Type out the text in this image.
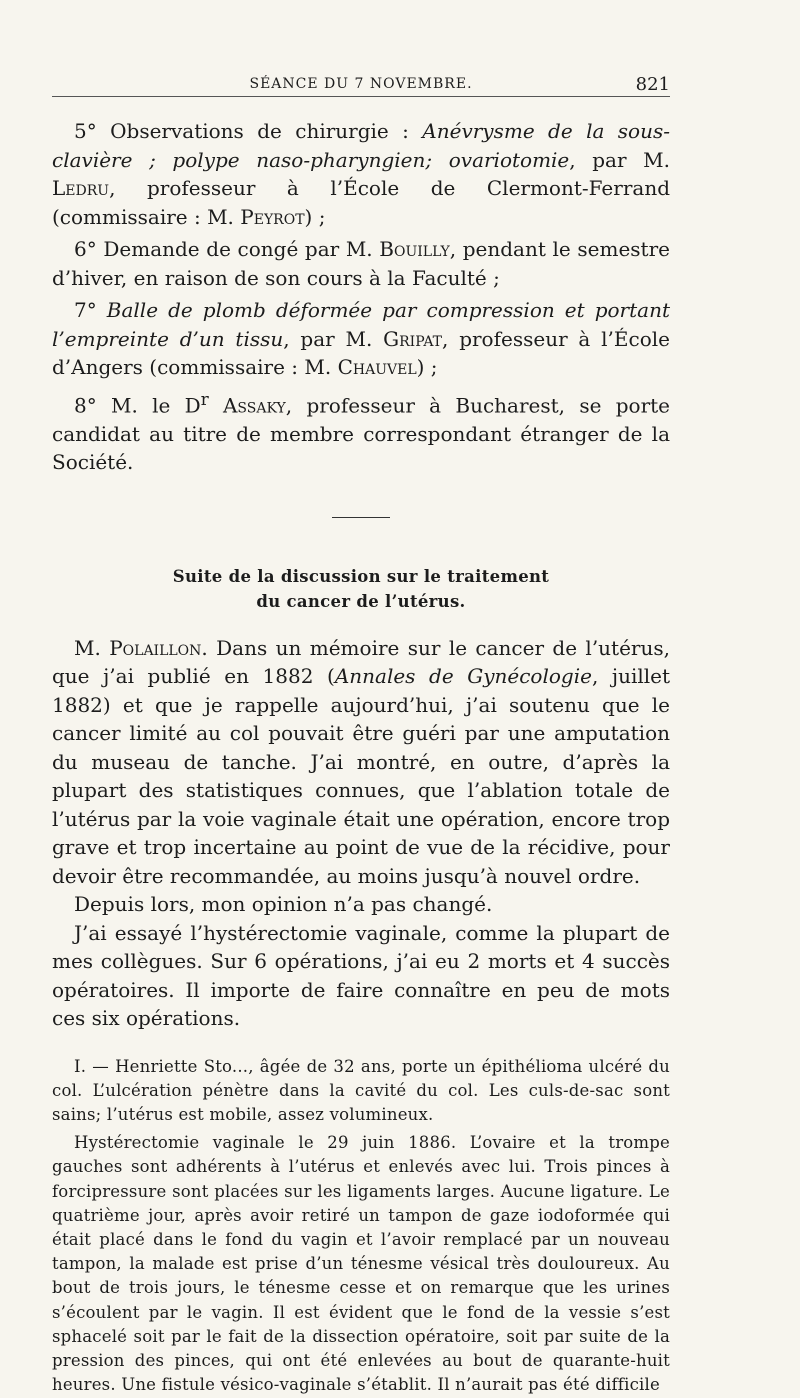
SÉANCE DU 7 NOVEMBRE.	821

5° Observations de chirurgie : Anévrysme de la sous-clavière ; polype naso-pharyngien; ovariotomie, par M. Ledru, professeur à l’École de Clermont-Ferrand (commissaire : M. Peyrot) ;

6° Demande de congé par M. Bouilly, pendant le semestre d’hiver, en raison de son cours à la Faculté ;

7° Balle de plomb déformée par compression et portant l’empreinte d’un tissu, par M. Gripat, professeur à l’École d’Angers (commissaire : M. Chauvel) ;

8° M. le $D^r$ Assaky, professeur à Bucharest, se porte candidat au titre de membre correspondant étranger de la Société.

Suite de la discussion sur le traitement
du cancer de l’utérus.

M. Polaillon. Dans un mémoire sur le cancer de l’utérus, que j’ai publié en 1882 (Annales de Gynécologie, juillet 1882) et que je rappelle aujourd’hui, j’ai soutenu que le cancer limité au col pouvait être guéri par une amputation du museau de tanche. J’ai montré, en outre, d’après la plupart des statistiques connues, que l’ablation totale de l’utérus par la voie vaginale était une opération, encore trop grave et trop incertaine au point de vue de la récidive, pour devoir être recommandée, au moins jusqu’à nouvel ordre.

Depuis lors, mon opinion n’a pas changé.

J’ai essayé l’hystérectomie vaginale, comme la plupart de mes collègues. Sur 6 opérations, j’ai eu 2 morts et 4 succès opératoires. Il importe de faire connaître en peu de mots ces six opérations.

I. — Henriette Sto..., âgée de 32 ans, porte un épithélioma ulcéré du col. L’ulcération pénètre dans la cavité du col. Les culs-de-sac sont sains; l’utérus est mobile, assez volumineux.

Hystérectomie vaginale le 29 juin 1886. L’ovaire et la trompe gauches sont adhérents à l’utérus et enlevés avec lui. Trois pinces à forcipressure sont placées sur les ligaments larges. Aucune ligature. Le quatrième jour, après avoir retiré un tampon de gaze iodoformée qui était placé dans le fond du vagin et l’avoir remplacé par un nouveau tampon, la malade est prise d’un ténesme vésical très douloureux. Au bout de trois jours, le ténesme cesse et on remarque que les urines s’écoulent par le vagin. Il est évident que le fond de la vessie s’est sphacelé soit par le fait de la dissection opératoire, soit par suite de la pression des pinces, qui ont été enlevées au bout de quarante-huit heures. Une fistule vésico-vaginale s’établit. Il n’aurait pas été difficile
